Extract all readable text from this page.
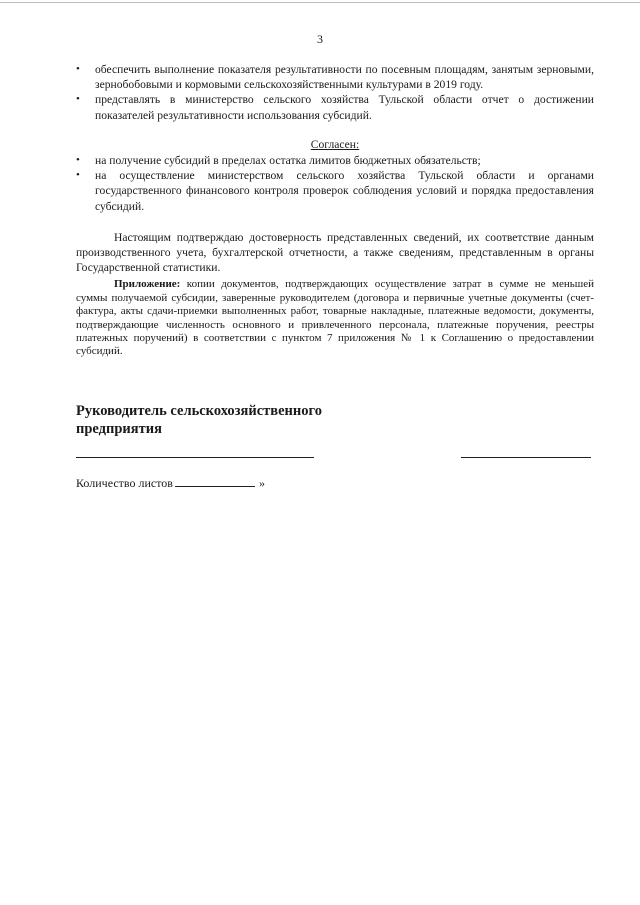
3
• обеспечить выполнение показателя результативности по посевным площадям, занятым зерновыми, зернобобовыми и кормовыми сельскохозяйственными культурами в 2019 году.
• представлять в министерство сельского хозяйства Тульской области отчет о достижении показателей результативности использования субсидий.
Согласен:
• на получение субсидий в пределах остатка лимитов бюджетных обязательств;
• на осуществление министерством сельского хозяйства Тульской области и органами государственного финансового контроля проверок соблюдения условий и порядка предоставления субсидий.

Настоящим подтверждаю достоверность представленных сведений, их соответствие данным производственного учета, бухгалтерской отчетности, а также сведениям, представленным в органы Государственной статистики.

Приложение: копии документов, подтверждающих осуществление затрат в сумме не меньшей суммы получаемой субсидии, заверенные руководителем (договора и первичные учетные документы (счет-фактура, акты сдачи-приемки выполненных работ, товарные накладные, платежные ведомости, документы, подтверждающие численность основного и привлеченного персонала, платежные поручения, реестры платежных поручений) в соответствии с пунктом 7 приложения № 1 к Соглашению о предоставлении субсидий.

Руководитель сельскохозяйственного
предприятия
Количество листов	»
